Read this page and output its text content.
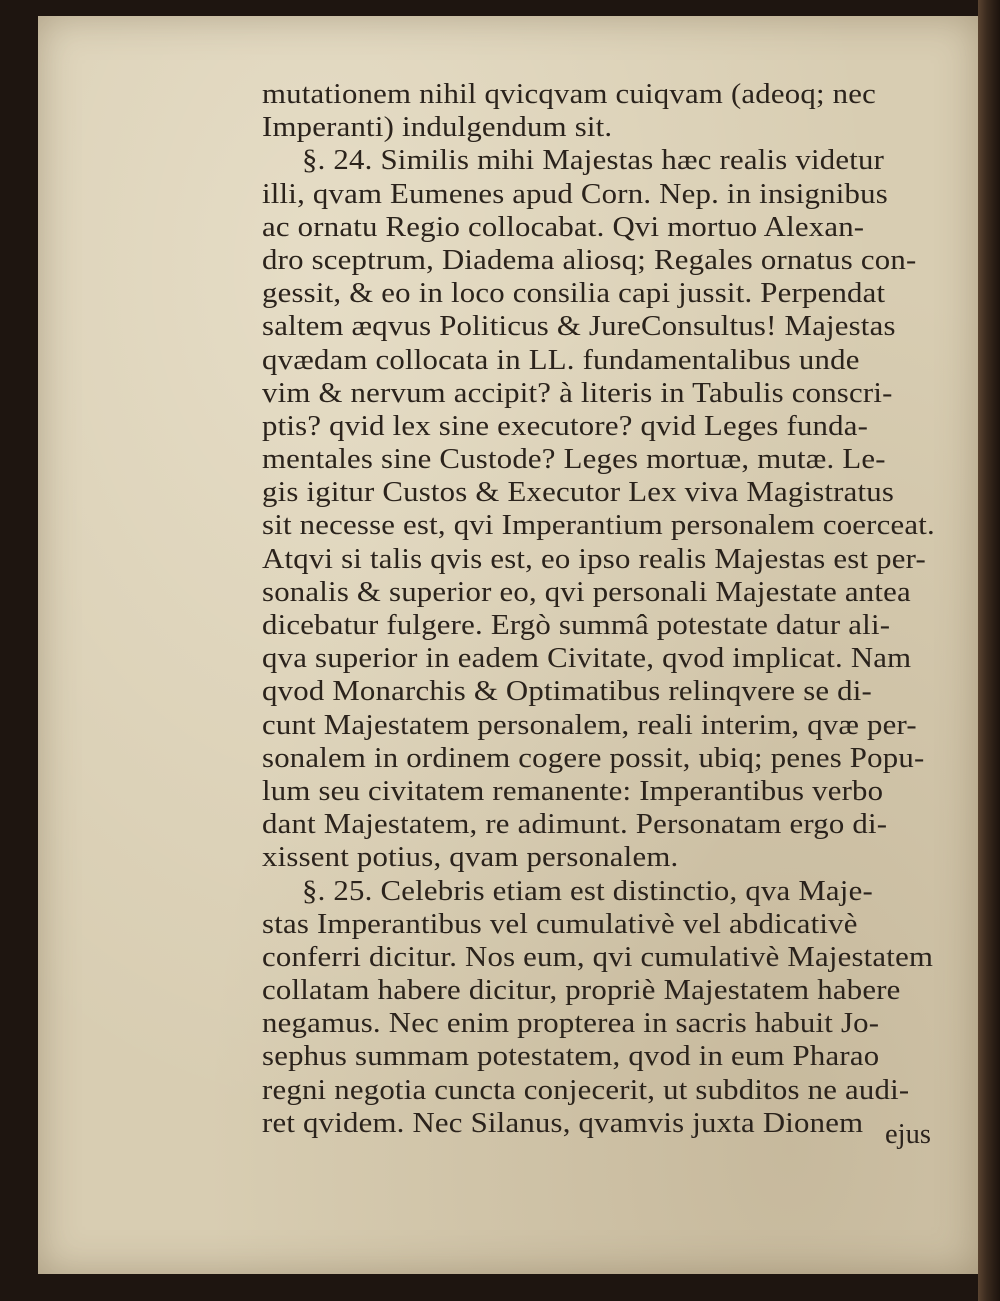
mutationem nihil qvicqvam cuiqvam (adeoq; nec
Imperanti) indulgendum sit.
§. 24. Similis mihi Majestas hæc realis videtur
illi, qvam Eumenes apud Corn. Nep. in insignibus
ac ornatu Regio collocabat. Qvi mortuo Alexan-
dro sceptrum, Diadema aliosq; Regales ornatus con-
gessit, & eo in loco consilia capi jussit. Perpendat
saltem æqvus Politicus & JureConsultus! Majestas
qvædam collocata in LL. fundamentalibus unde
vim & nervum accipit? à literis in Tabulis conscri-
ptis? qvid lex sine executore? qvid Leges funda-
mentales sine Custode? Leges mortuæ, mutæ. Le-
gis igitur Custos & Executor Lex viva Magistratus
sit necesse est, qvi Imperantium personalem coerceat.
Atqvi si talis qvis est, eo ipso realis Majestas est per-
sonalis & superior eo, qvi personali Majestate antea
dicebatur fulgere. Ergò summâ potestate datur ali-
qva superior in eadem Civitate, qvod implicat. Nam
qvod Monarchis & Optimatibus relinqvere se di-
cunt Majestatem personalem, reali interim, qvæ per-
sonalem in ordinem cogere possit, ubiq; penes Popu-
lum seu civitatem remanente: Imperantibus verbo
dant Majestatem, re adimunt. Personatam ergo di-
xissent potius, qvam personalem.
§. 25. Celebris etiam est distinctio, qva Maje-
stas Imperantibus vel cumulativè vel abdicativè
conferri dicitur. Nos eum, qvi cumulativè Majestatem
collatam habere dicitur, propriè Majestatem habere
negamus. Nec enim propterea in sacris habuit Jo-
sephus summam potestatem, qvod in eum Pharao
regni negotia cuncta conjecerit, ut subditos ne audi-
ret qvidem. Nec Silanus, qvamvis juxta Dionem ejus
